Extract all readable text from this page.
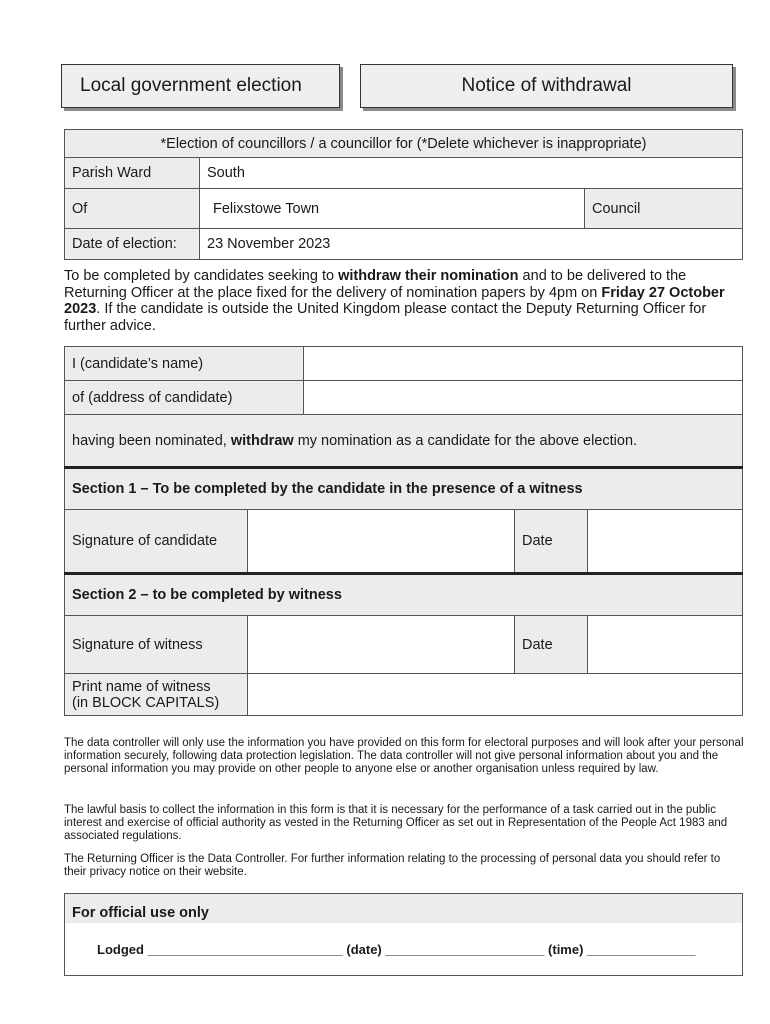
Local government election	Notice of withdrawal
*Election of councillors / a councillor for (*Delete whichever is inappropriate)		
Parish Ward	South	
Of	Felixstowe Town	Council
Date of election:	23 November 2023	

To be completed by candidates seeking to withdraw their nomination and to be delivered to the Returning Officer at the place fixed for the delivery of nomination papers by 4pm on Friday 27 October 2023. If the candidate is outside the United Kingdom please contact the Deputy Returning Officer for further advice.

I (candidate’s name)	
of (address of candidate)	
having been nominated, withdraw my nomination as a candidate for the above election.	
Section 1 – To be completed by the candidate in the presence of a witness			
Signature of candidate		Date	
Section 2 – to be completed by witness			
Signature of witness		Date	
Print name of witness
(in BLOCK CAPITALS)			

The data controller will only use the information you have provided on this form for electoral purposes and will look after your personal information securely, following data protection legislation. The data controller will not give personal information about you and the personal information you may provide on other people to anyone else or another organisation unless required by law.

The lawful basis to collect the information in this form is that it is necessary for the performance of a task carried out in the public interest and exercise of official authority as vested in the Returning Officer as set out in Representation of the People Act 1983 and associated regulations.

The Returning Officer is the Data Controller. For further information relating to the processing of personal data you should refer to their privacy notice on their website.

For official use only
Lodged ___________________________ (date) ______________________ (time) _______________
